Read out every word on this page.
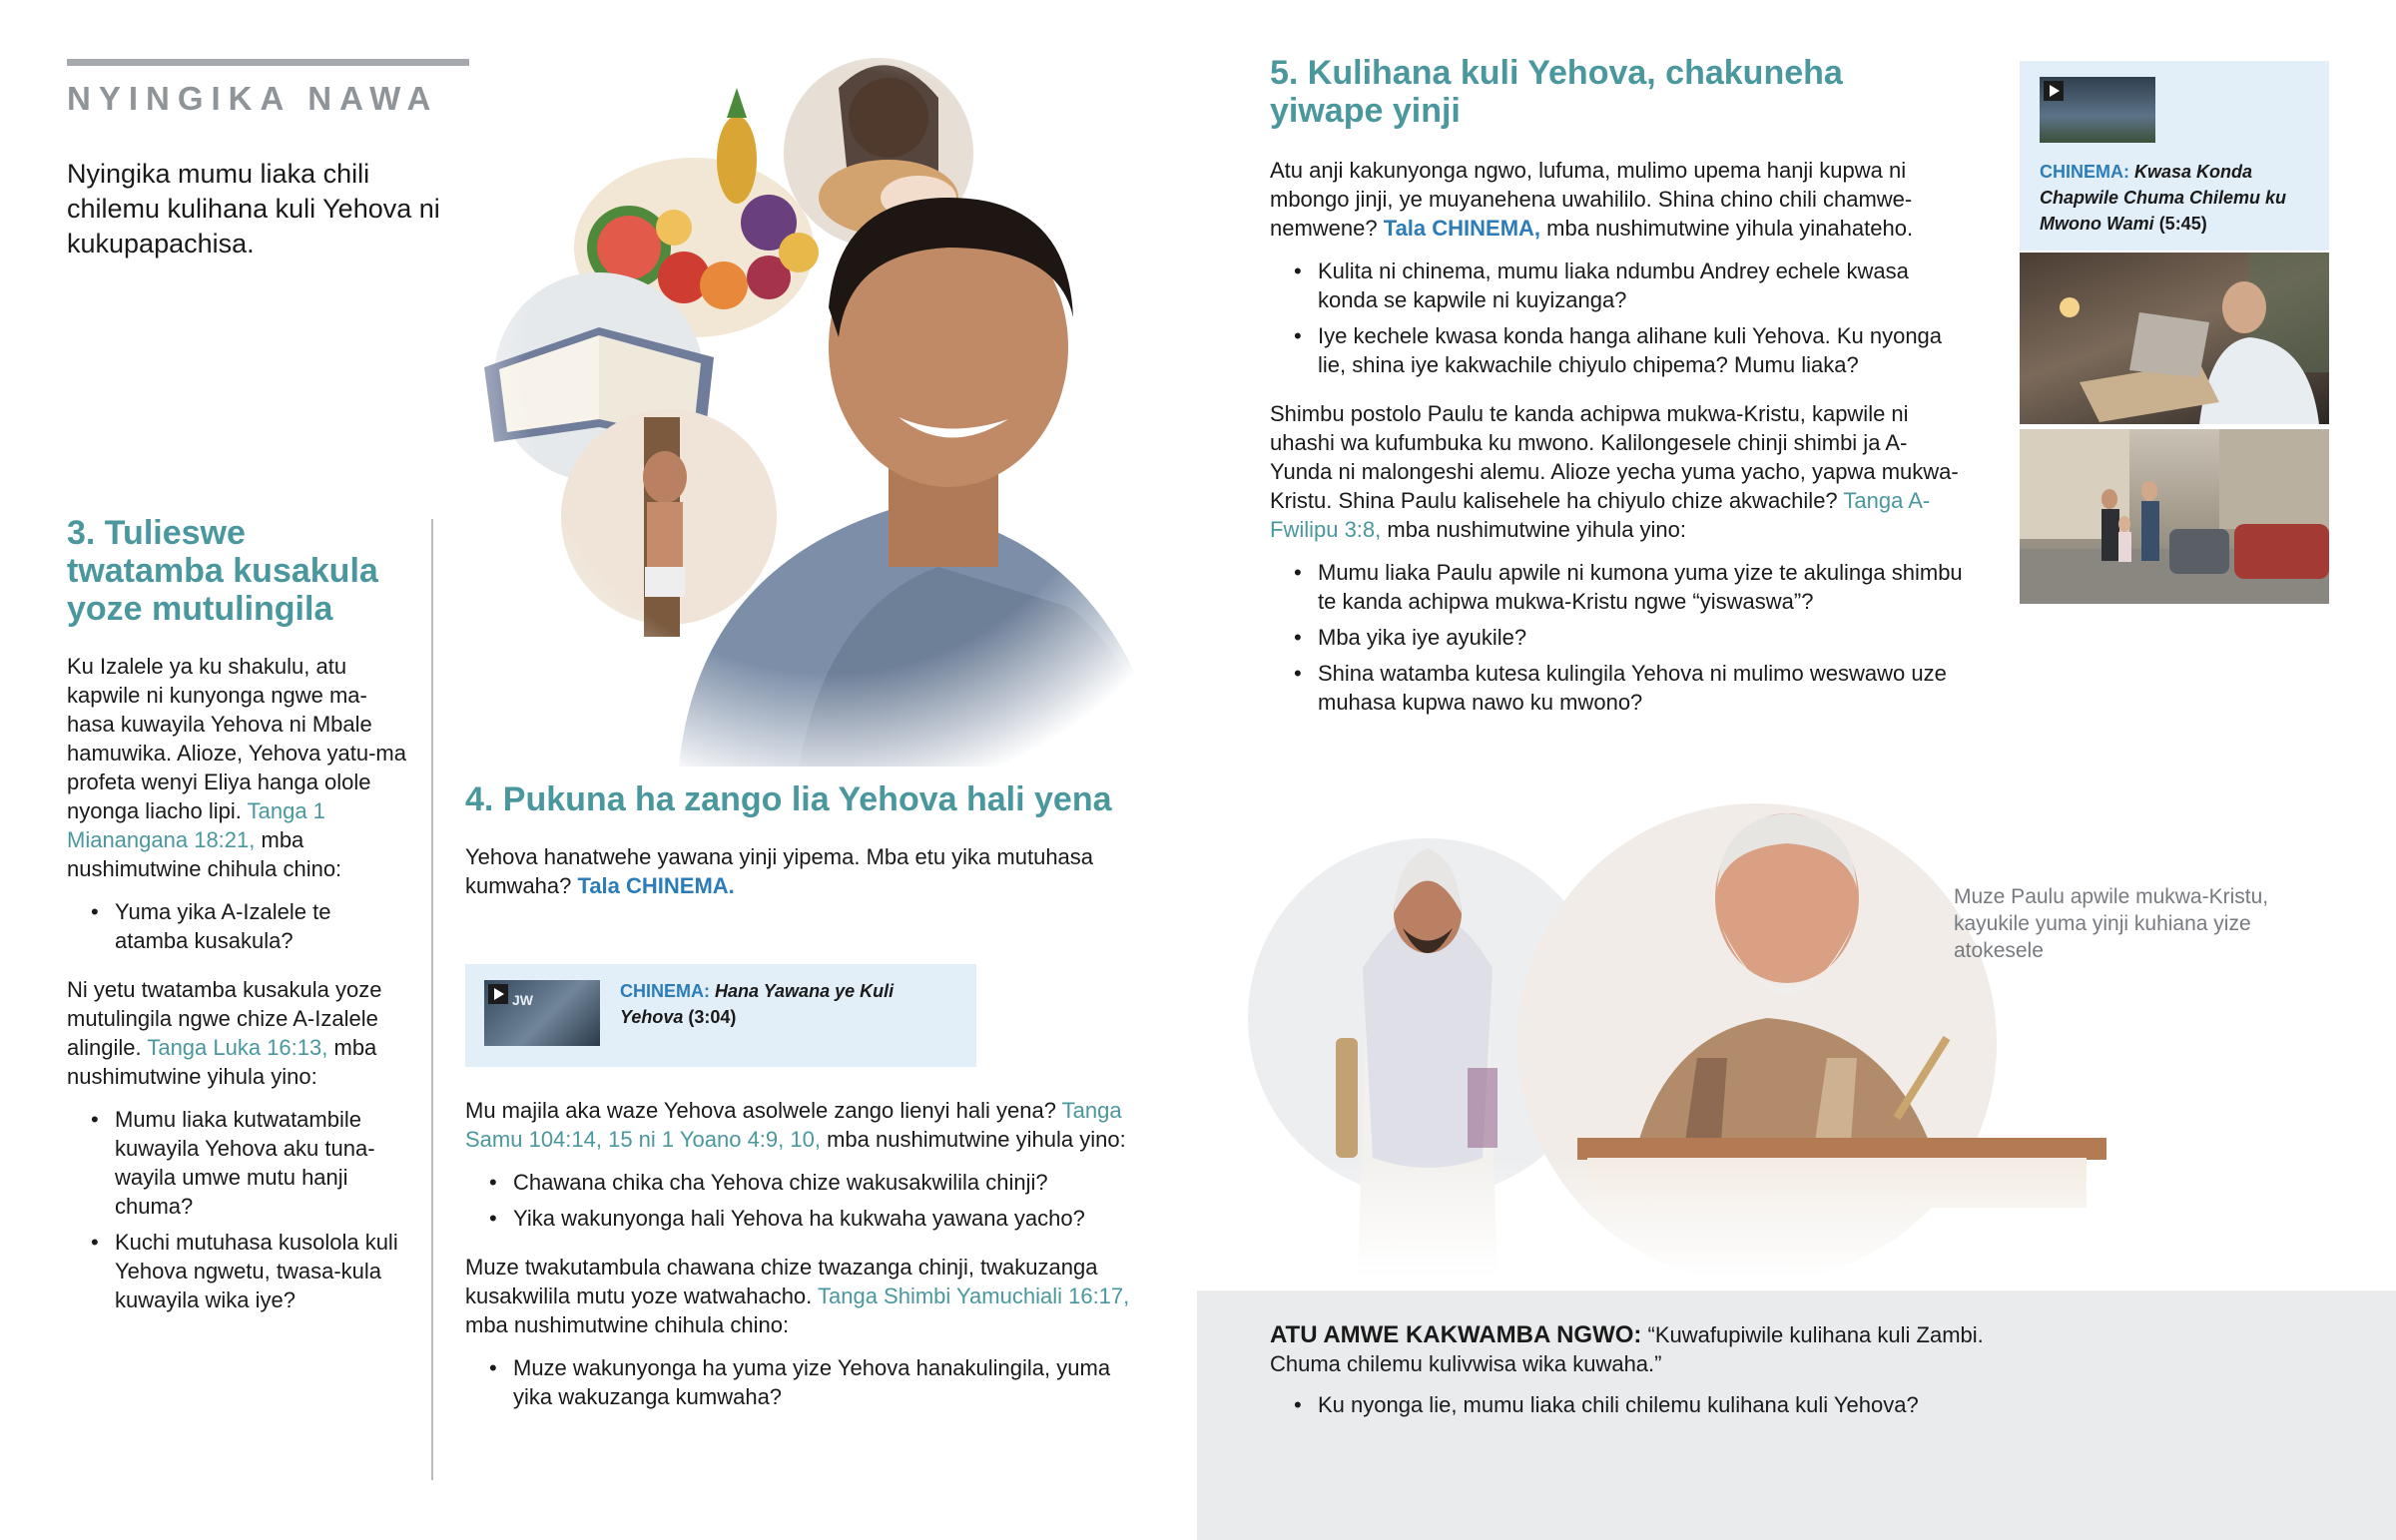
NYINGIKA NAWA

Nyingika mumu liaka chili chilemu kulihana kuli Yehova ni kukupapachisa.

3. Tulieswe twatamba kusakula yoze mutulingila

Ku Izalele ya ku shakulu, atu kapwile ni kunyonga ngwe ma-hasa kuwayila Yehova ni Mbale hamuwika. Alioze, Yehova yatu-ma profeta wenyi Eliya hanga olole nyonga liacho lipi. Tanga 1 Mianangana 18:21, mba nushimutwine chihula chino:

• Yuma yika A-Izalele te atamba kusakula?

Ni yetu twatamba kusakula yoze mutulingila ngwe chize A-Izalele alingile. Tanga Luka 16:13, mba nushimutwine yihula yino:

• Mumu liaka kutwatambile kuwayila Yehova aku tuna-wayila umwe mutu hanji chuma?
• Kuchi mutuhasa kusolola kuli Yehova ngwetu, twasa-kula kuwayila wika iye?
4. Pukuna ha zango lia Yehova hali yena

Yehova hanatwehe yawana yinji yipema. Mba etu yika mutuhasa kumwaha? Tala CHINEMA.

JW	CHINEMA: Hana Yawana ye Kuli Yehova (3:04)

Mu majila aka waze Yehova asolwele zango lienyi hali yena? Tanga Samu 104:14, 15 ni 1 Yoano 4:9, 10, mba nushimutwine yihula yino:

• Chawana chika cha Yehova chize wakusakwilila chinji?
• Yika wakunyonga hali Yehova ha kukwaha yawana yacho?

Muze twakutambula chawana chize twazanga chinji, twakuzanga kusakwilila mutu yoze watwahacho. Tanga Shimbi Yamuchiali 16:17, mba nushimutwine chihula chino:

• Muze wakunyonga ha yuma yize Yehova hanakulingila, yuma yika wakuzanga kumwaha?
5. Kulihana kuli Yehova, chakuneha yiwape yinji

Atu anji kakunyonga ngwo, lufuma, mulimo upema hanji kupwa ni mbongo jinji, ye muyanehena uwahililo. Shina chino chili chamwe-nemwene? Tala CHINEMA, mba nushimutwine yihula yinahateho.

• Kulita ni chinema, mumu liaka ndumbu Andrey echele kwasa konda se kapwile ni kuyizanga?
• Iye kechele kwasa konda hanga alihane kuli Yehova. Ku nyonga lie, shina iye kakwachile chiyulo chipema? Mumu liaka?

Shimbu postolo Paulu te kanda achipwa mukwa-Kristu, kapwile ni uhashi wa kufumbuka ku mwono. Kalilongesele chinji shimbi ja A-Yunda ni malongeshi alemu. Alioze yecha yuma yacho, yapwa mukwa-Kristu. Shina Paulu kalisehele ha chiyulo chize akwachile? Tanga A-Fwilipu 3:8, mba nushimutwine yihula yino:

• Mumu liaka Paulu apwile ni kumona yuma yize te akulinga shimbu te kanda achipwa mukwa-Kristu ngwe “yiswaswa”?
• Mba yika iye ayukile?
• Shina watamba kutesa kulingila Yehova ni mulimo weswawo uze muhasa kupwa nawo ku mwono?
CHINEMA: Kwasa Konda Chapwile Chuma Chilemu ku Mwono Wami (5:45)

Muze Paulu apwile mukwa-Kristu, kayukile yuma yinji kuhiana yize atokesele

ATU AMWE KAKWAMBA NGWO: “Kuwafupiwile kulihana kuli Zambi. Chuma chilemu kulivwisa wika kuwaha.”

• Ku nyonga lie, mumu liaka chili chilemu kulihana kuli Yehova?
